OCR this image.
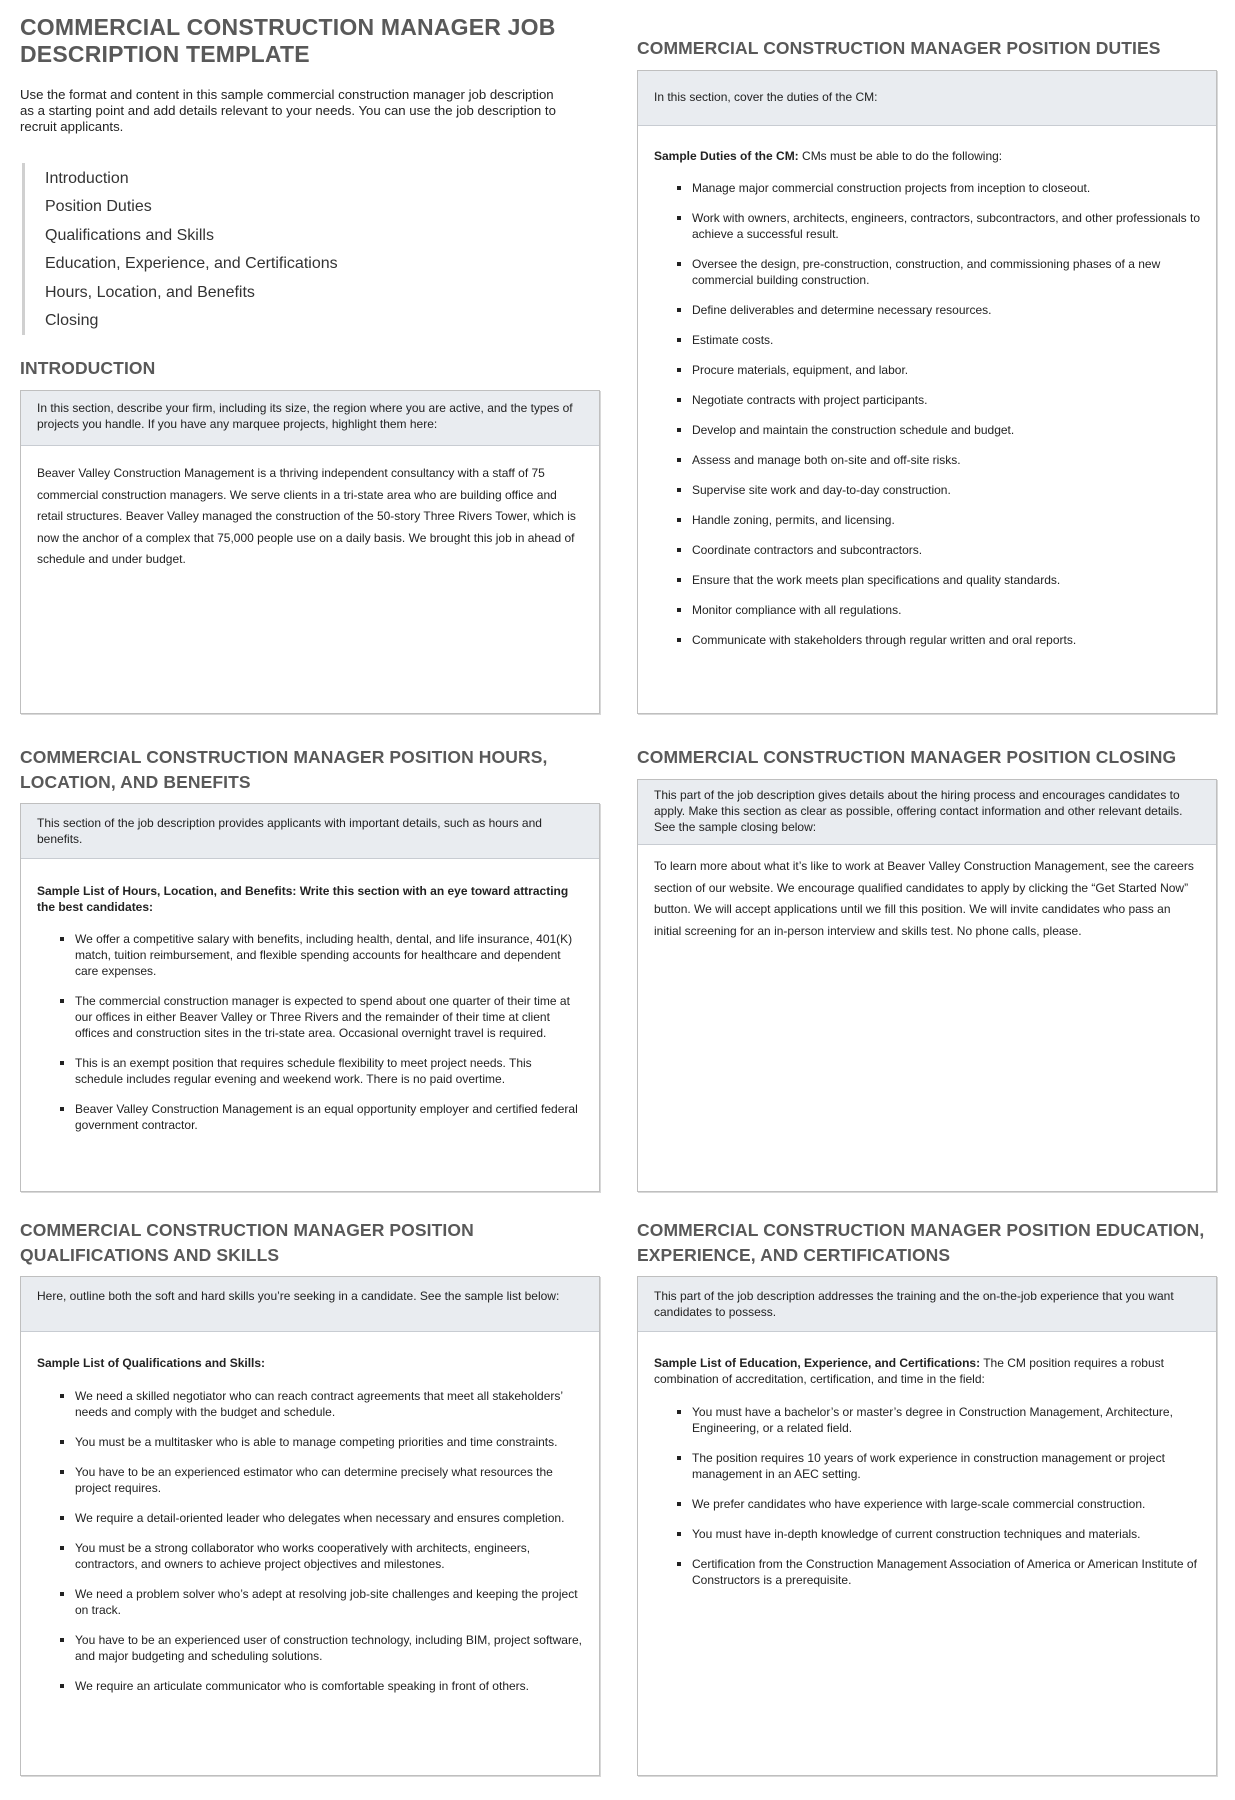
COMMERCIAL CONSTRUCTION MANAGER JOB DESCRIPTION TEMPLATE

Use the format and content in this sample commercial construction manager job description as a starting point and add details relevant to your needs. You can use the job description to recruit applicants.

Introduction
Position Duties
Qualifications and Skills
Education, Experience, and Certifications
Hours, Location, and Benefits
Closing
INTRODUCTION
In this section, describe your firm, including its size, the region where you are active, and the types of projects you handle. If you have any marquee projects, highlight them here:

Beaver Valley Construction Management is a thriving independent consultancy with a staff of 75 commercial construction managers. We serve clients in a tri-state area who are building office and retail structures. Beaver Valley managed the construction of the 50-story Three Rivers Tower, which is now the anchor of a complex that 75,000 people use on a daily basis. We brought this job in ahead of schedule and under budget.

COMMERCIAL CONSTRUCTION MANAGER POSITION DUTIES
In this section, cover the duties of the CM:

Sample Duties of the CM: CMs must be able to do the following:

Manage major commercial construction projects from inception to closeout.
Work with owners, architects, engineers, contractors, subcontractors, and other professionals to achieve a successful result.
Oversee the design, pre-construction, construction, and commissioning phases of a new commercial building construction.
Define deliverables and determine necessary resources.
Estimate costs.
Procure materials, equipment, and labor.
Negotiate contracts with project participants.
Develop and maintain the construction schedule and budget.
Assess and manage both on-site and off-site risks.
Supervise site work and day-to-day construction.
Handle zoning, permits, and licensing.
Coordinate contractors and subcontractors.
Ensure that the work meets plan specifications and quality standards.
Monitor compliance with all regulations.
Communicate with stakeholders through regular written and oral reports.
COMMERCIAL CONSTRUCTION MANAGER POSITION HOURS, LOCATION, AND BENEFITS
This section of the job description provides applicants with important details, such as hours and benefits.

Sample List of Hours, Location, and Benefits: Write this section with an eye toward attracting the best candidates:

We offer a competitive salary with benefits, including health, dental, and life insurance, 401(K) match, tuition reimbursement, and flexible spending accounts for healthcare and dependent care expenses.
The commercial construction manager is expected to spend about one quarter of their time at our offices in either Beaver Valley or Three Rivers and the remainder of their time at client offices and construction sites in the tri-state area. Occasional overnight travel is required.
This is an exempt position that requires schedule flexibility to meet project needs. This schedule includes regular evening and weekend work. There is no paid overtime.
Beaver Valley Construction Management is an equal opportunity employer and certified federal government contractor.
COMMERCIAL CONSTRUCTION MANAGER POSITION CLOSING
This part of the job description gives details about the hiring process and encourages candidates to apply. Make this section as clear as possible, offering contact information and other relevant details. See the sample closing below:

To learn more about what it’s like to work at Beaver Valley Construction Management, see the careers section of our website. We encourage qualified candidates to apply by clicking the “Get Started Now” button. We will accept applications until we fill this position. We will invite candidates who pass an initial screening for an in-person interview and skills test. No phone calls, please.

COMMERCIAL CONSTRUCTION MANAGER POSITION QUALIFICATIONS AND SKILLS
Here, outline both the soft and hard skills you’re seeking in a candidate. See the sample list below:

Sample List of Qualifications and Skills:

We need a skilled negotiator who can reach contract agreements that meet all stakeholders’ needs and comply with the budget and schedule.
You must be a multitasker who is able to manage competing priorities and time constraints.
You have to be an experienced estimator who can determine precisely what resources the project requires.
We require a detail-oriented leader who delegates when necessary and ensures completion.
You must be a strong collaborator who works cooperatively with architects, engineers, contractors, and owners to achieve project objectives and milestones.
We need a problem solver who’s adept at resolving job-site challenges and keeping the project on track.
You have to be an experienced user of construction technology, including BIM, project software, and major budgeting and scheduling solutions.
We require an articulate communicator who is comfortable speaking in front of others.
COMMERCIAL CONSTRUCTION MANAGER POSITION EDUCATION, EXPERIENCE, AND CERTIFICATIONS
This part of the job description addresses the training and the on-the-job experience that you want candidates to possess.

Sample List of Education, Experience, and Certifications: The CM position requires a robust combination of accreditation, certification, and time in the field:

You must have a bachelor’s or master’s degree in Construction Management, Architecture, Engineering, or a related field.
The position requires 10 years of work experience in construction management or project management in an AEC setting.
We prefer candidates who have experience with large-scale commercial construction.
You must have in-depth knowledge of current construction techniques and materials.
Certification from the Construction Management Association of America or American Institute of Constructors is a prerequisite.
